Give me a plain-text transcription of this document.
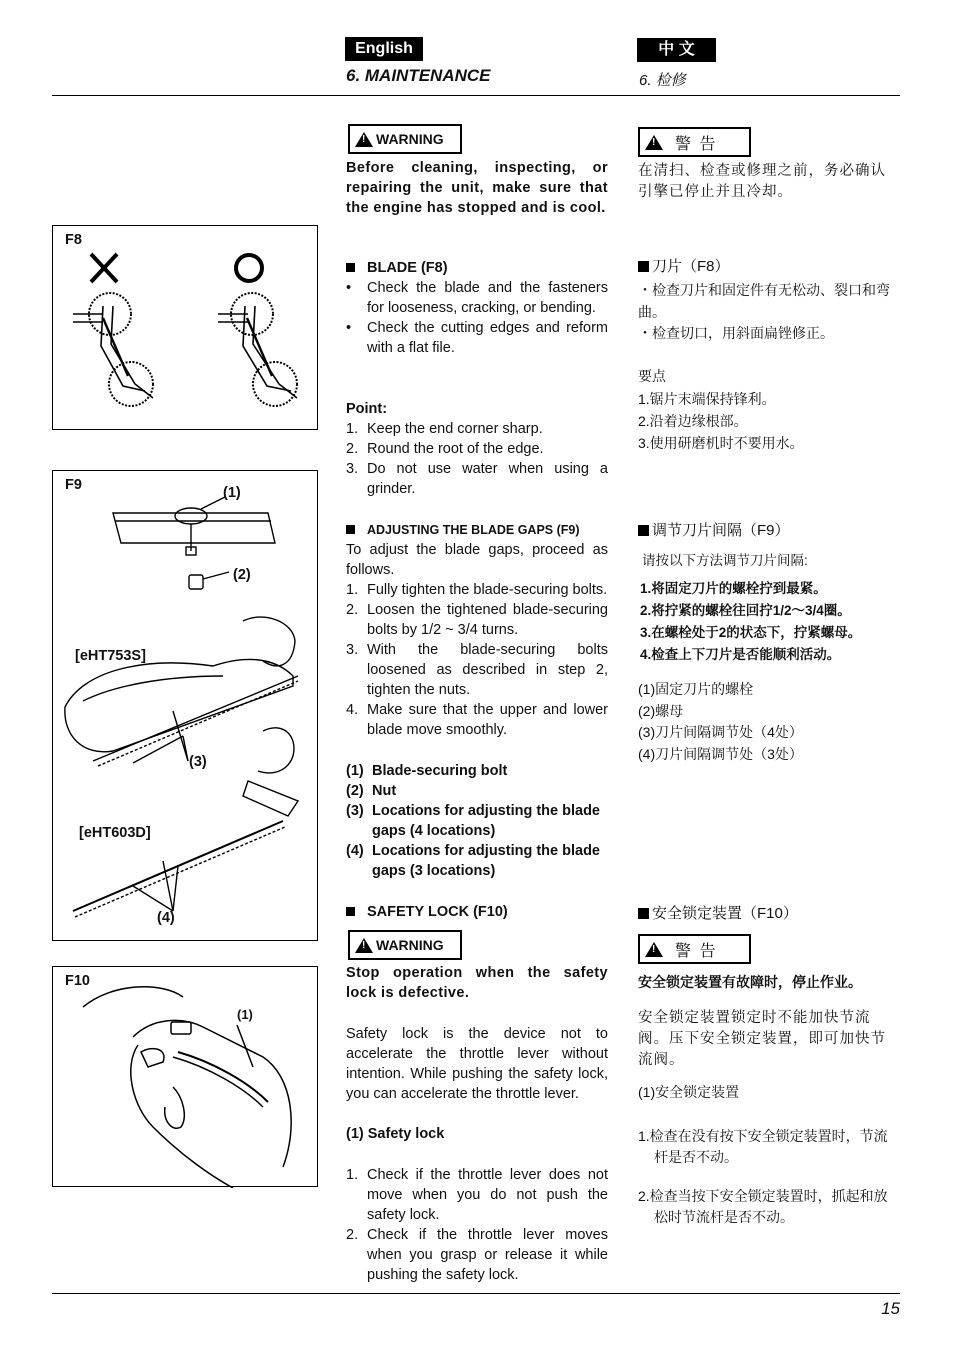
English	中 文
6. MAINTENANCE	6. 检修
F8
F9	(1)
(2)
[eHT753S]
(3)
[eHT603D]
(4)
F10
(1)
!
WARNING
Before cleaning, inspecting, or repairing the unit, make sure that the engine has stopped and is cool.
BLADE (F8)
• Check the blade and the fasteners for looseness, cracking, or bending.
• Check the cutting edges and reform with a flat file.
Point:
1. Keep the end corner sharp.
2. Round the root of the edge.
3. Do not use water when using a grinder.
ADJUSTING THE BLADE GAPS (F9)
To adjust the blade gaps, proceed as follows.
1. Fully tighten the blade-securing bolts.
2. Loosen the tightened blade-securing bolts by 1/2 ~ 3/4 turns.
3. With the blade-securing bolts loosened as described in step 2, tighten the nuts.
4. Make sure that the upper and lower blade move smoothly.
(1) Blade-securing bolt
(2) Nut
(3) Locations for adjusting the blade gaps (4 locations)
(4) Locations for adjusting the blade gaps (3 locations)
SAFETY LOCK (F10)
!
WARNING
Stop operation when the safety lock is defective.
Safety lock is the device not to accelerate the throttle lever without intention. While pushing the safety lock, you can accelerate the throttle lever.
(1) Safety lock
1. Check if the throttle lever does not move when you do not push the safety lock.
2. Check if the throttle lever moves when you grasp or release it while pushing the safety lock.
!
警 告
在清扫、检查或修理之前，务必确认引擎已停止并且冷却。
刀片（F8）

・检查刀片和固定件有无松动、裂口和弯曲。

・检查切口，用斜面扁锉修正。

要点

1.锯片末端保持锋利。

2.沿着边缘根部。

3.使用研磨机时不要用水。

调节刀片间隔（F9）
请按以下方法调节刀片间隔:

1.将固定刀片的螺栓拧到最紧。

2.将拧紧的螺栓往回拧1/2～3/4圈。

3.在螺栓处于2的状态下，拧紧螺母。

4.检查上下刀片是否能顺利活动。

(1)固定刀片的螺栓

(2)螺母

(3)刀片间隔调节处（4处）

(4)刀片间隔调节处（3处）

安全锁定装置（F10）
!
警 告
安全锁定装置有故障时，停止作业。
安全锁定装置锁定时不能加快节流阀。压下安全锁定装置，即可加快节流阀。
(1)安全锁定装置

1.检查在没有按下安全锁定装置时，节流杆是否不动。

2.检查当按下安全锁定装置时，抓起和放松时节流杆是否不动。

15
